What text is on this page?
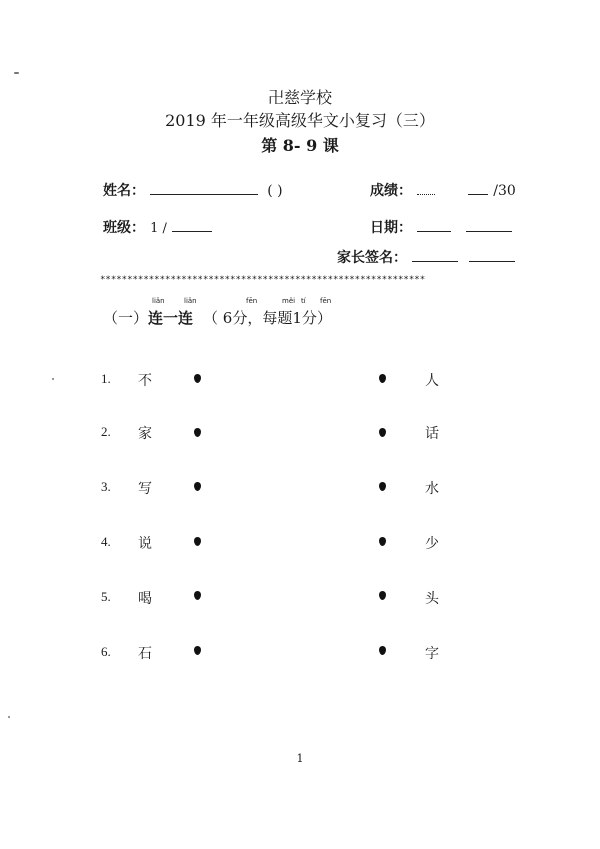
卍慈学校
2019 年一年级高级华文小复习（三）
第 8- 9 课
姓名：	( )	成绩：	/30
班级： 1 /	日期：
家长签名：
************************************************************
（一）连一连 （ 6分，每题1分）
liǎn	liǎn	fēn	měi tí fēn
1. 不	人
2. 家	话
3. 写	水
4. 说	少
5. 喝	头
6. 石	字
1
